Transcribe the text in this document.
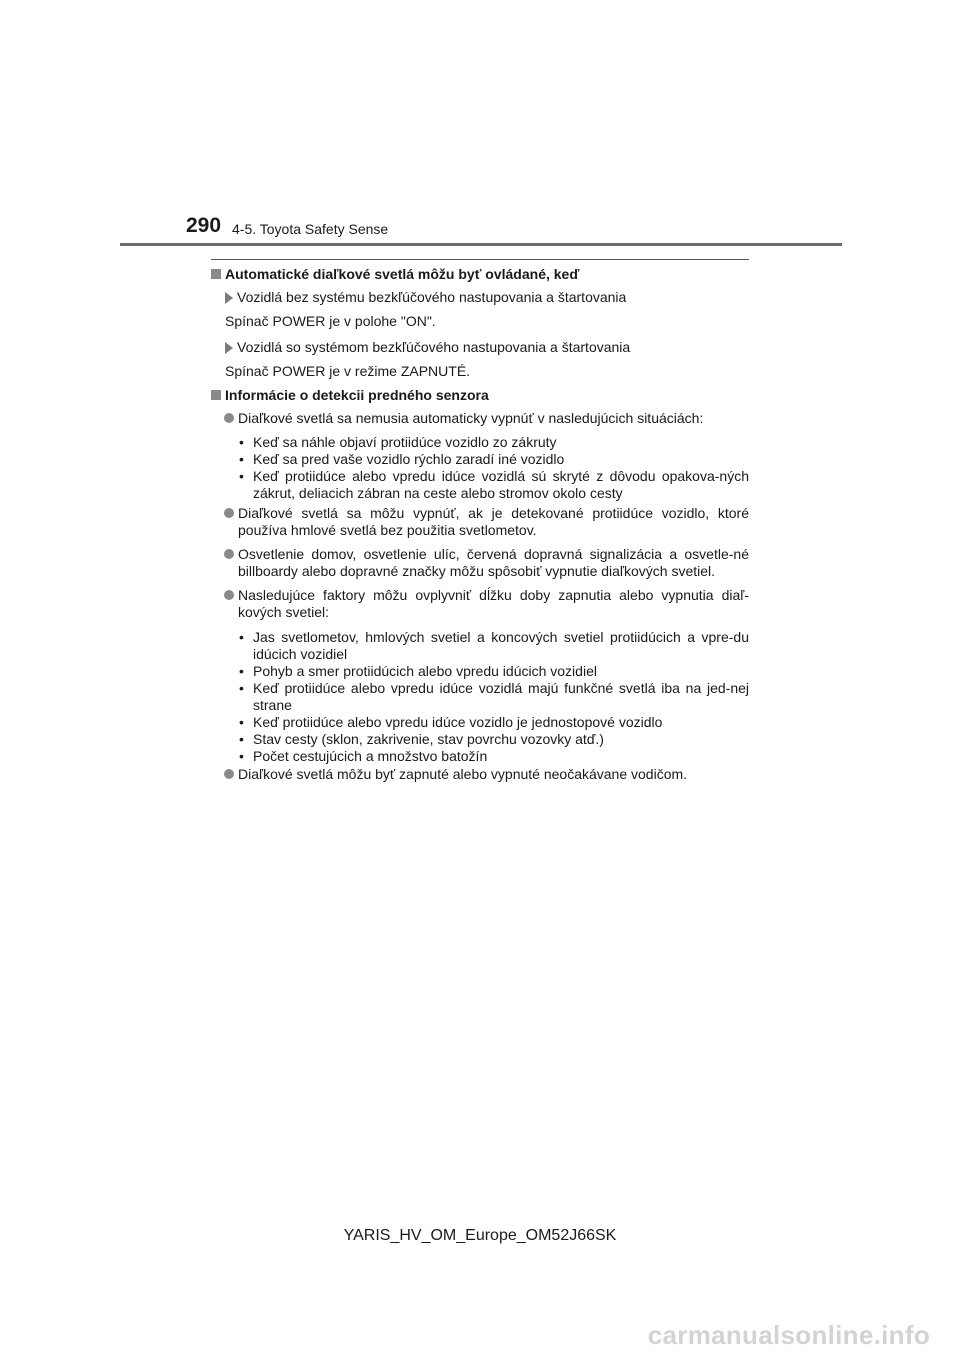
290 4-5. Toyota Safety Sense
Automatické diaľkové svetlá môžu byť ovládané, keď
Vozidlá bez systému bezkľúčového nastupovania a štartovania
Spínač POWER je v polohe "ON".
Vozidlá so systémom bezkľúčového nastupovania a štartovania
Spínač POWER je v režime ZAPNUTÉ.
Informácie o detekcii predného senzora
Diaľkové svetlá sa nemusia automaticky vypnúť v nasledujúcich situáciách:
• Keď sa náhle objaví protiidúce vozidlo zo zákruty
• Keď sa pred vaše vozidlo rýchlo zaradí iné vozidlo
• Keď protiidúce alebo vpredu idúce vozidlá sú skryté z dôvodu opakova-ných zákrut, deliacich zábran na ceste alebo stromov okolo cesty
Diaľkové svetlá sa môžu vypnúť, ak je detekované protiidúce vozidlo, ktoré používa hmlové svetlá bez použitia svetlometov.
Osvetlenie domov, osvetlenie ulíc, červená dopravná signalizácia a osvetle-né billboardy alebo dopravné značky môžu spôsobiť vypnutie diaľkových svetiel.
Nasledujúce faktory môžu ovplyvniť dĺžku doby zapnutia alebo vypnutia diaľ-kových svetiel:
• Jas svetlometov, hmlových svetiel a koncových svetiel protiidúcich a vpre-du idúcich vozidiel
• Pohyb a smer protiidúcich alebo vpredu idúcich vozidiel
• Keď protiidúce alebo vpredu idúce vozidlá majú funkčné svetlá iba na jed-nej strane
• Keď protiidúce alebo vpredu idúce vozidlo je jednostopové vozidlo
• Stav cesty (sklon, zakrivenie, stav povrchu vozovky atď.)
• Počet cestujúcich a množstvo batožín
Diaľkové svetlá môžu byť zapnuté alebo vypnuté neočakávane vodičom.
YARIS_HV_OM_Europe_OM52J66SK
carmanualsonline.info
